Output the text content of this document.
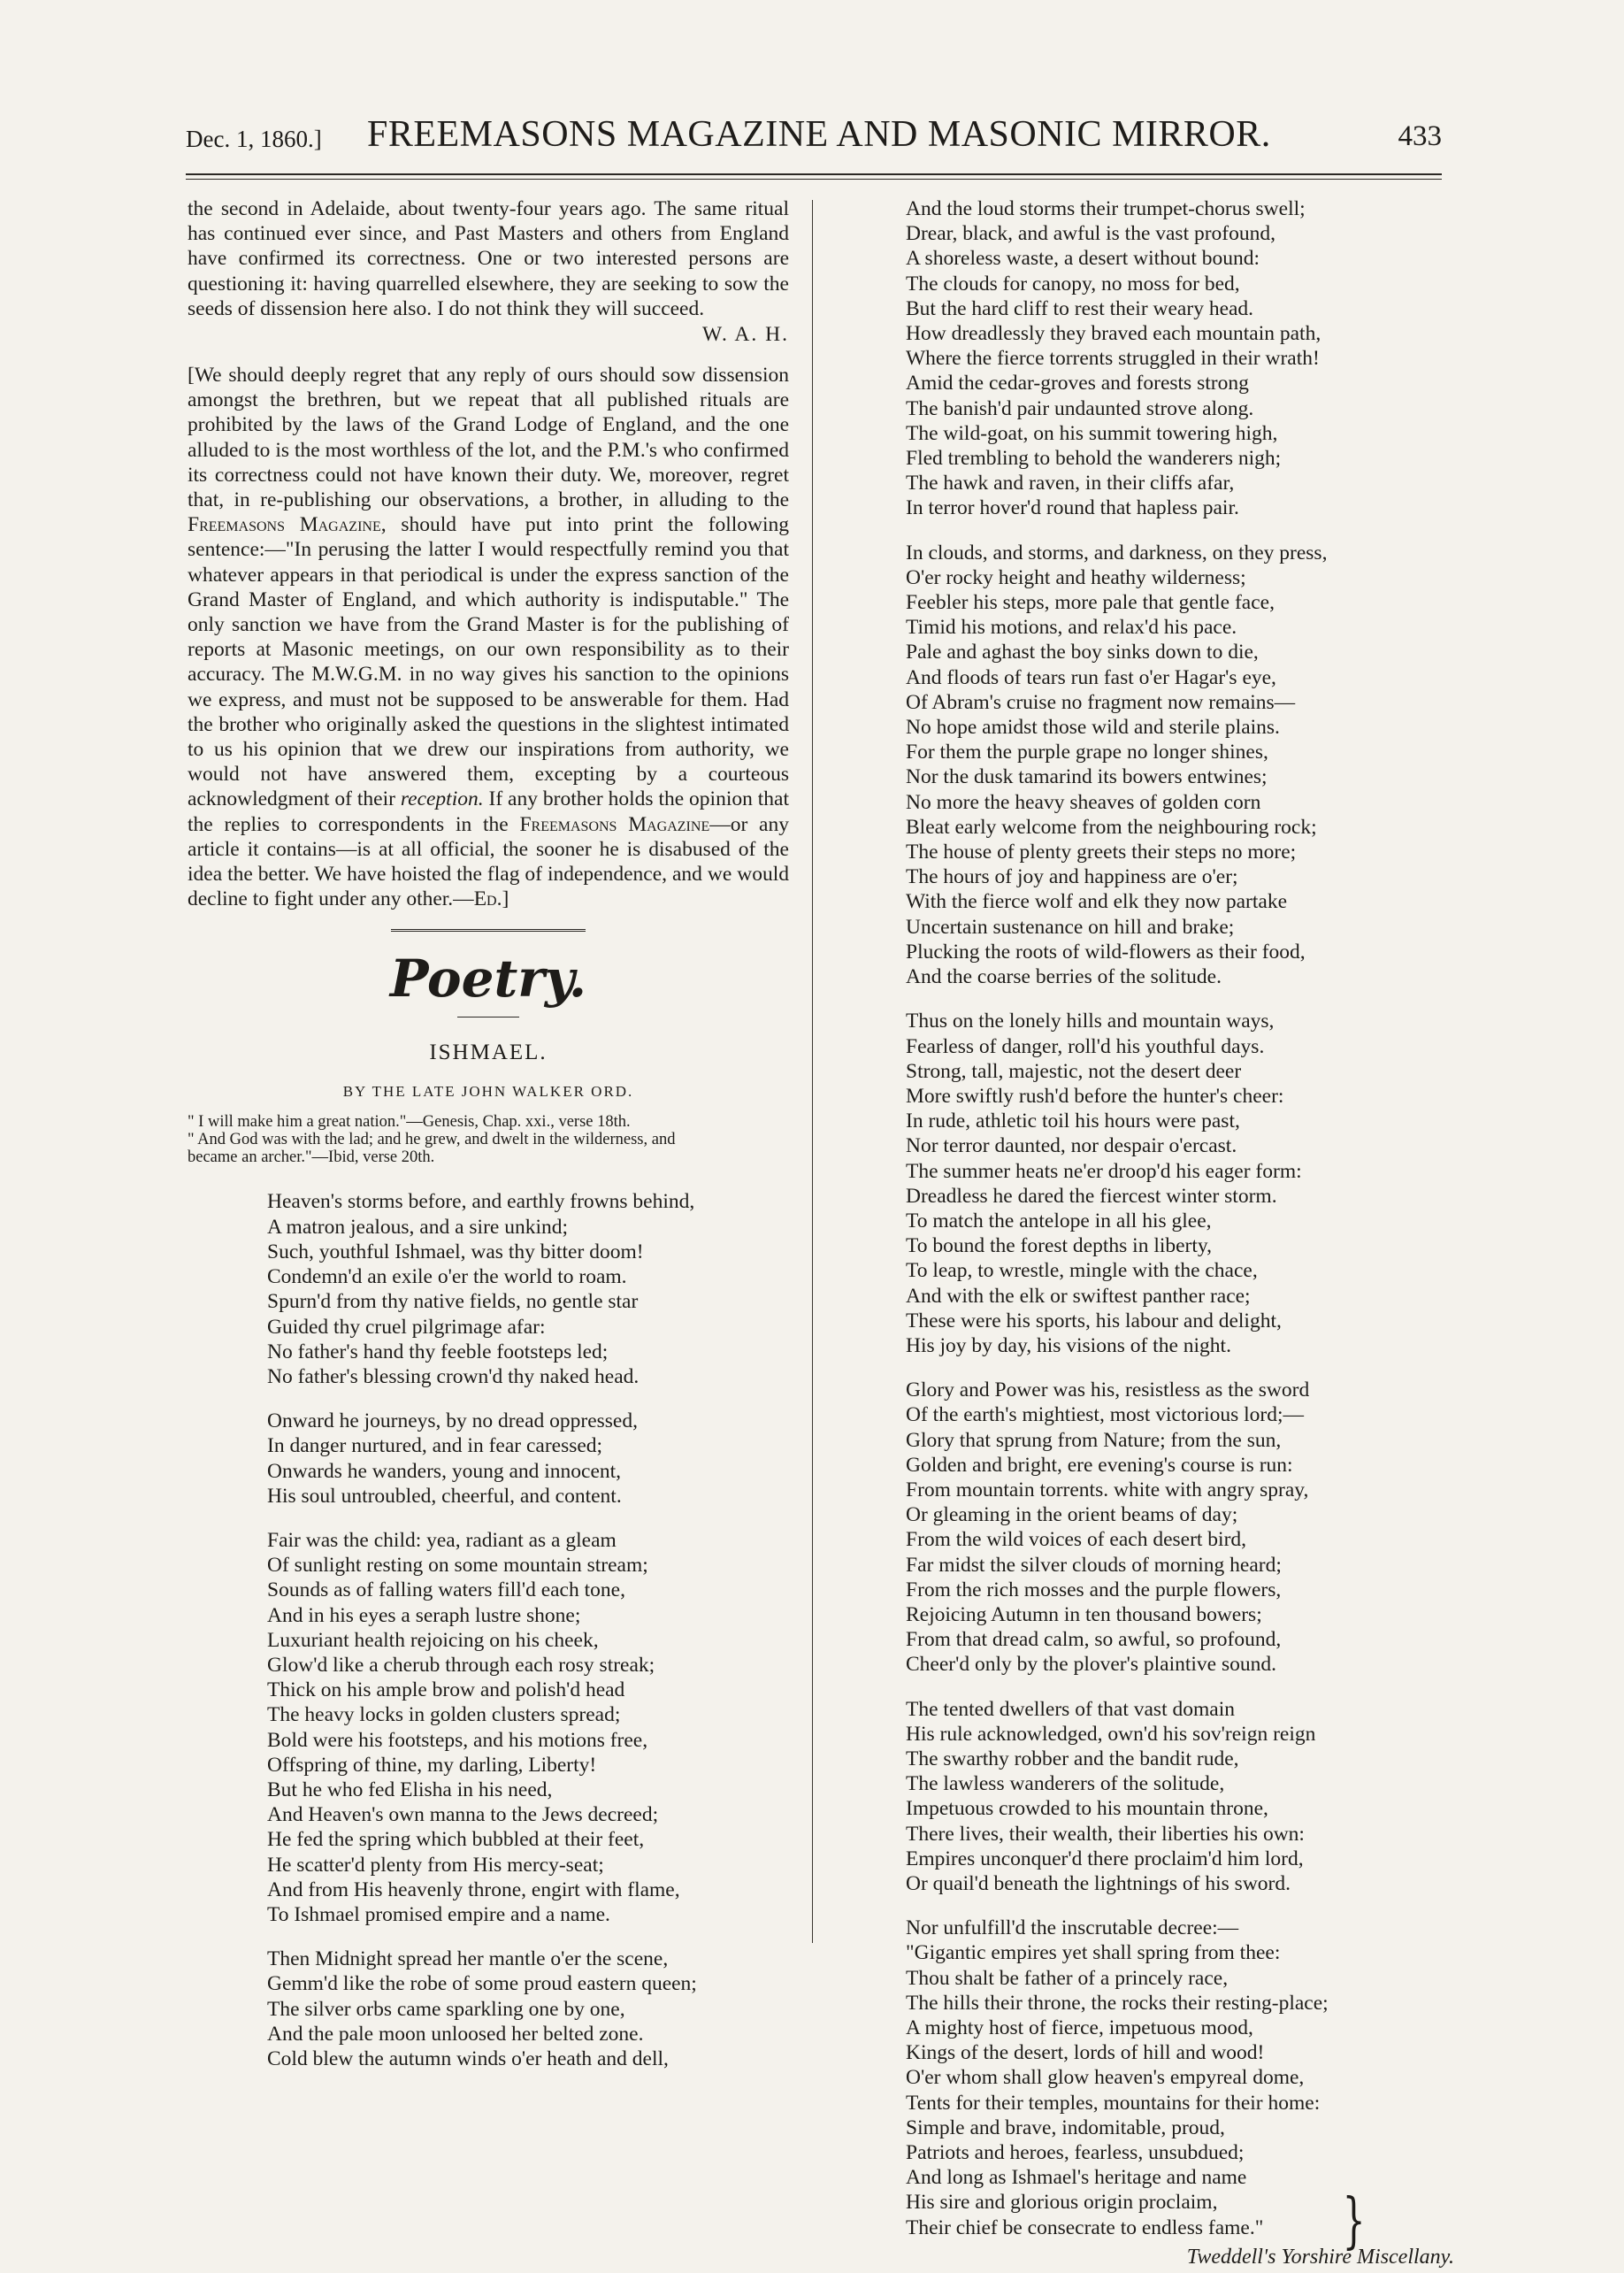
Dec. 1, 1860.] FREEMASONS MAGAZINE AND MASONIC MIRROR.	433

the second in Adelaide, about twenty-four years ago. The same ritual has continued ever since, and Past Masters and others from England have confirmed its correctness. One or two interested persons are questioning it: having quarrelled elsewhere, they are seeking to sow the seeds of dissension here also. I do not think they will succeed.

W. A. H.
[We should deeply regret that any reply of ours should sow dissension amongst the brethren, but we repeat that all published rituals are prohibited by the laws of the Grand Lodge of England, and the one alluded to is the most worthless of the lot, and the P.M.'s who confirmed its correctness could not have known their duty. We, moreover, regret that, in re-publishing our observations, a brother, in alluding to the Freemasons Magazine, should have put into print the following sentence:—"In perusing the latter I would respectfully remind you that whatever appears in that periodical is under the express sanction of the Grand Master of England, and which authority is indisputable." The only sanction we have from the Grand Master is for the publishing of reports at Masonic meetings, on our own responsibility as to their accuracy. The M.W.G.M. in no way gives his sanction to the opinions we express, and must not be supposed to be answerable for them. Had the brother who originally asked the questions in the slightest intimated to us his opinion that we drew our inspirations from authority, we would not have answered them, excepting by a courteous acknowledgment of their reception. If any brother holds the opinion that the replies to correspondents in the Freemasons Magazine—or any article it contains—is at all official, the sooner he is disabused of the idea the better. We have hoisted the flag of independence, and we would decline to fight under any other.—Ed.]
Poetry.
ISHMAEL.
BY THE LATE JOHN WALKER ORD.
" I will make him a great nation."—Genesis, Chap. xxi., verse 18th.
" And God was with the lad; and he grew, and dwelt in the wilderness, and
became an archer."—Ibid, verse 20th.
Heaven's storms before, and earthly frowns behind,
A matron jealous, and a sire unkind;
Such, youthful Ishmael, was thy bitter doom!
Condemn'd an exile o'er the world to roam.
Spurn'd from thy native fields, no gentle star
Guided thy cruel pilgrimage afar:
No father's hand thy feeble footsteps led;
No father's blessing crown'd thy naked head.
Onward he journeys, by no dread oppressed,
In danger nurtured, and in fear caressed;
Onwards he wanders, young and innocent,
His soul untroubled, cheerful, and content.
Fair was the child: yea, radiant as a gleam
Of sunlight resting on some mountain stream;
Sounds as of falling waters fill'd each tone,
And in his eyes a seraph lustre shone;
Luxuriant health rejoicing on his cheek,
Glow'd like a cherub through each rosy streak;
Thick on his ample brow and polish'd head
The heavy locks in golden clusters spread;
Bold were his footsteps, and his motions free,
Offspring of thine, my darling, Liberty!
But he who fed Elisha in his need,
And Heaven's own manna to the Jews decreed;
He fed the spring which bubbled at their feet,
He scatter'd plenty from His mercy-seat;
And from His heavenly throne, engirt with flame,
To Ishmael promised empire and a name.
Then Midnight spread her mantle o'er the scene,
Gemm'd like the robe of some proud eastern queen;
The silver orbs came sparkling one by one,
And the pale moon unloosed her belted zone.
Cold blew the autumn winds o'er heath and dell,
And the loud storms their trumpet-chorus swell;
Drear, black, and awful is the vast profound,
A shoreless waste, a desert without bound:
The clouds for canopy, no moss for bed,
But the hard cliff to rest their weary head.
How dreadlessly they braved each mountain path,
Where the fierce torrents struggled in their wrath!
Amid the cedar-groves and forests strong
The banish'd pair undaunted strove along.
The wild-goat, on his summit towering high,
Fled trembling to behold the wanderers nigh;
The hawk and raven, in their cliffs afar,
In terror hover'd round that hapless pair.
In clouds, and storms, and darkness, on they press,
O'er rocky height and heathy wilderness;
Feebler his steps, more pale that gentle face,
Timid his motions, and relax'd his pace.
Pale and aghast the boy sinks down to die,
And floods of tears run fast o'er Hagar's eye,
Of Abram's cruise no fragment now remains—
No hope amidst those wild and sterile plains.
For them the purple grape no longer shines,
Nor the dusk tamarind its bowers entwines;
No more the heavy sheaves of golden corn
Bleat early welcome from the neighbouring rock;
The house of plenty greets their steps no more;
The hours of joy and happiness are o'er;
With the fierce wolf and elk they now partake
Uncertain sustenance on hill and brake;
Plucking the roots of wild-flowers as their food,
And the coarse berries of the solitude.
Thus on the lonely hills and mountain ways,
Fearless of danger, roll'd his youthful days.
Strong, tall, majestic, not the desert deer
More swiftly rush'd before the hunter's cheer:
In rude, athletic toil his hours were past,
Nor terror daunted, nor despair o'ercast.
The summer heats ne'er droop'd his eager form:
Dreadless he dared the fiercest winter storm.
To match the antelope in all his glee,
To bound the forest depths in liberty,
To leap, to wrestle, mingle with the chace,
And with the elk or swiftest panther race;
These were his sports, his labour and delight,
His joy by day, his visions of the night.
Glory and Power was his, resistless as the sword
Of the earth's mightiest, most victorious lord;—
Glory that sprung from Nature; from the sun,
Golden and bright, ere evening's course is run:
From mountain torrents. white with angry spray,
Or gleaming in the orient beams of day;
From the wild voices of each desert bird,
Far midst the silver clouds of morning heard;
From the rich mosses and the purple flowers,
Rejoicing Autumn in ten thousand bowers;
From that dread calm, so awful, so profound,
Cheer'd only by the plover's plaintive sound.
The tented dwellers of that vast domain
His rule acknowledged, own'd his sov'reign reign
The swarthy robber and the bandit rude,
The lawless wanderers of the solitude,
Impetuous crowded to his mountain throne,
There lives, their wealth, their liberties his own:
Empires unconquer'd there proclaim'd him lord,
Or quail'd beneath the lightnings of his sword.
Nor unfulfill'd the inscrutable decree:—
"Gigantic empires yet shall spring from thee:
Thou shalt be father of a princely race,
The hills their throne, the rocks their resting-place;
A mighty host of fierce, impetuous mood,
Kings of the desert, lords of hill and wood!
O'er whom shall glow heaven's empyreal dome,
Tents for their temples, mountains for their home:
Simple and brave, indomitable, proud,
Patriots and heroes, fearless, unsubdued;
And long as Ishmael's heritage and name
His sire and glorious origin proclaim,
Their chief be consecrate to endless fame."	}
Tweddell's Yorshire Miscellany.
